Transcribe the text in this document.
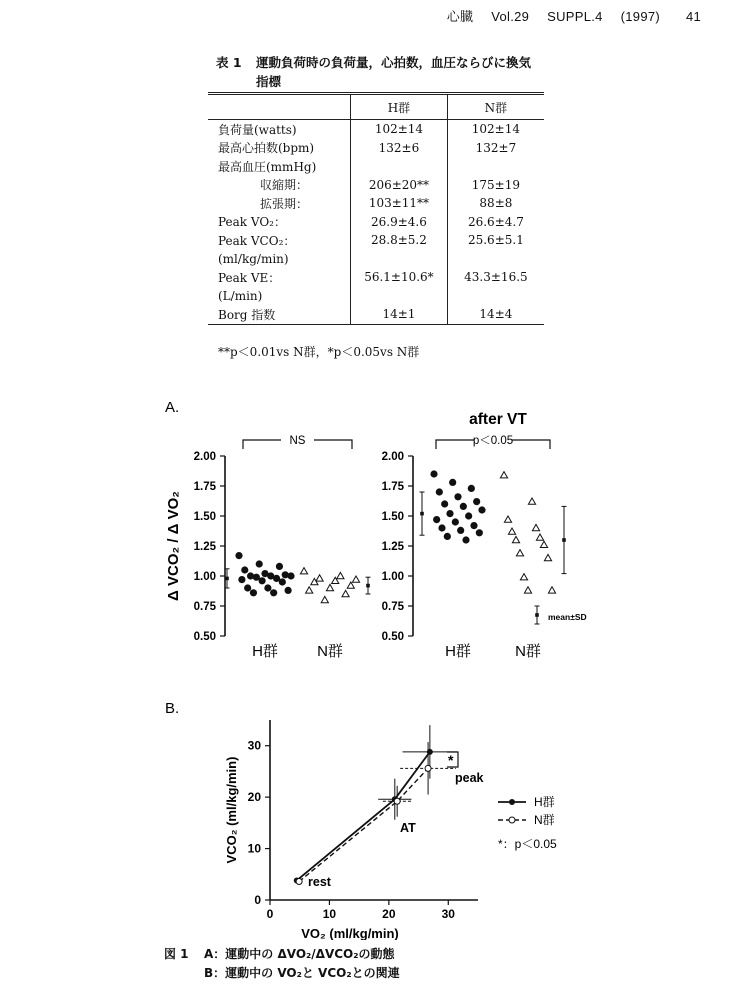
心臓 Vol.29 SUPPL.4 (1997) 41
表 1 運動負荷時の負荷量，心拍数，血圧ならびに換気
指標
	H群	N群
負荷量(watts)	102±14	102±14
最高心拍数(bpm)	132±6	132±7
最高血圧(mmHg)		
収縮期：	206±20**	175±19
拡張期：	103±11**	88±8
Peak VO₂：	26.9±4.6	26.6±4.7
Peak VCO₂：	28.8±5.2	25.6±5.1
(ml/kg/min)		
Peak VE：	56.1±10.6*	43.3±16.5
(L/min)		
Borg 指数	14±1	14±4
**p＜0.01vs N群，*p＜0.05vs N群
A.
2.00
1.75
1.50
1.25
1.00
0.75
0.50
H群	N群
NS
Δ VCO₂ / Δ VO₂
2.00
1.75
1.50
1.25
1.00
0.75
0.50
H群	N群
p＜0.05
after VT
mean±SD
B.
0	10	20	30
0
10
20
30
VO₂ (ml/kg/min)
VCO₂ (ml/kg/min)
rest
AT
peak
*
H群
N群
*：p＜0.05
図 1 A：運動中の ΔVO₂/ΔVCO₂の動態
B：運動中の VO₂と VCO₂との関連
